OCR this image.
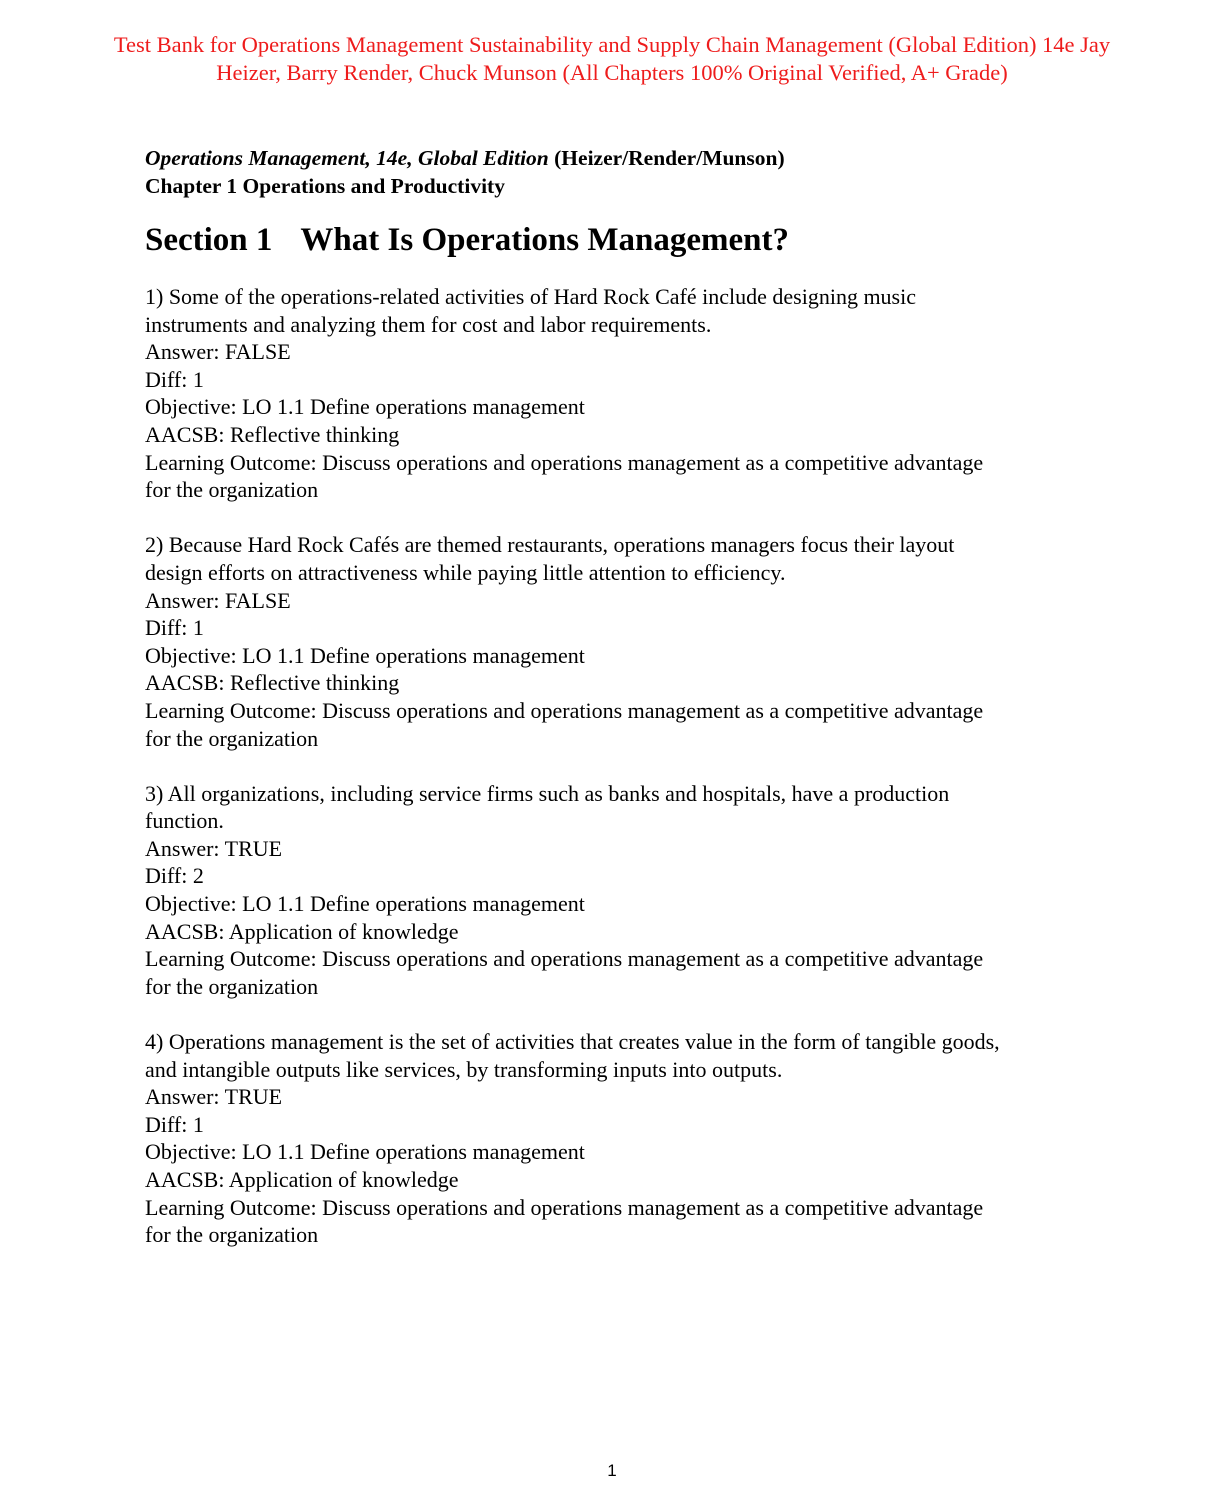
Test Bank for Operations Management Sustainability and Supply Chain Management (Global Edition) 14e Jay
Heizer, Barry Render, Chuck Munson (All Chapters 100% Original Verified, A+ Grade)
Operations Management, 14e, Global Edition (Heizer/Render/Munson)
Chapter 1 Operations and Productivity
Section 1 What Is Operations Management?
1) Some of the operations-related activities of Hard Rock Café include designing music
instruments and analyzing them for cost and labor requirements.
Answer: FALSE
Diff: 1
Objective: LO 1.1 Define operations management
AACSB: Reflective thinking
Learning Outcome: Discuss operations and operations management as a competitive advantage
for the organization
2) Because Hard Rock Cafés are themed restaurants, operations managers focus their layout
design efforts on attractiveness while paying little attention to efficiency.
Answer: FALSE
Diff: 1
Objective: LO 1.1 Define operations management
AACSB: Reflective thinking
Learning Outcome: Discuss operations and operations management as a competitive advantage
for the organization
3) All organizations, including service firms such as banks and hospitals, have a production
function.
Answer: TRUE
Diff: 2
Objective: LO 1.1 Define operations management
AACSB: Application of knowledge
Learning Outcome: Discuss operations and operations management as a competitive advantage
for the organization
4) Operations management is the set of activities that creates value in the form of tangible goods,
and intangible outputs like services, by transforming inputs into outputs.
Answer: TRUE
Diff: 1
Objective: LO 1.1 Define operations management
AACSB: Application of knowledge
Learning Outcome: Discuss operations and operations management as a competitive advantage
for the organization
1
